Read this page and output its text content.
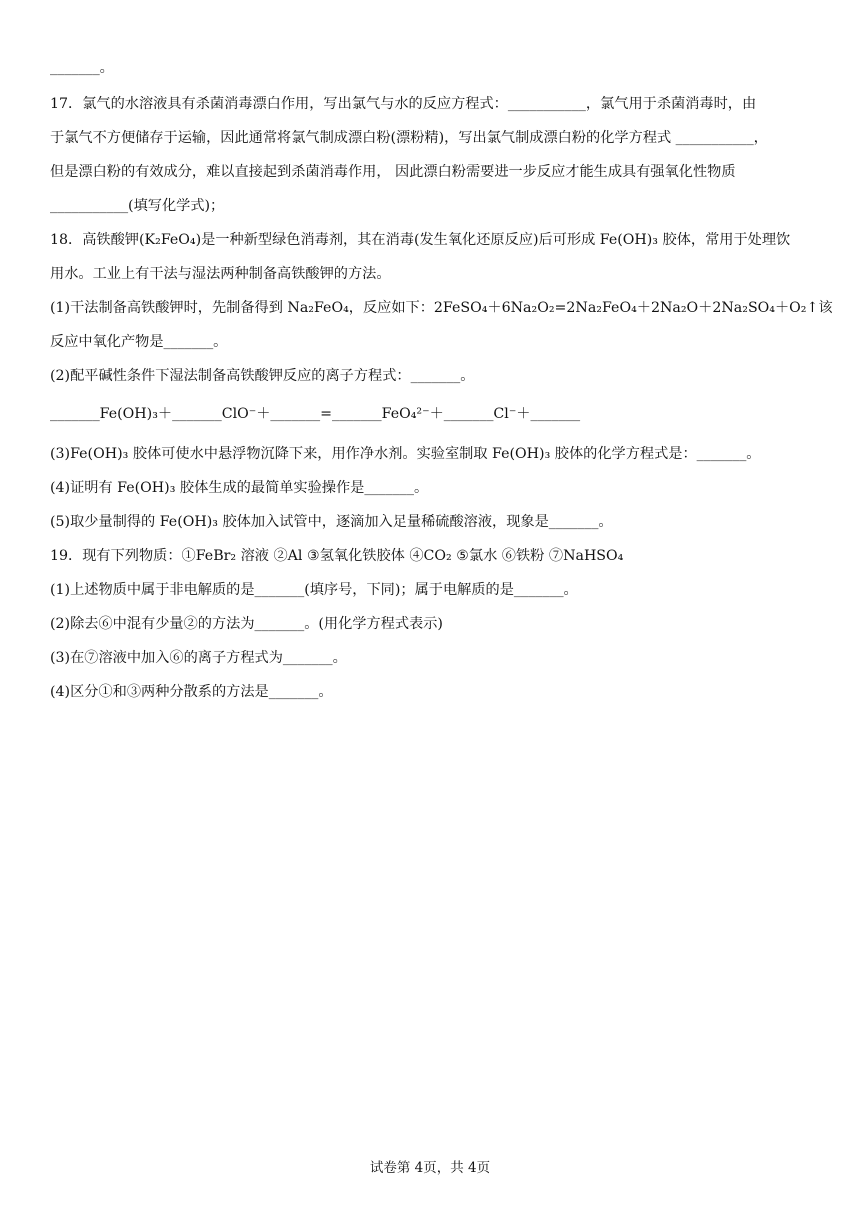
_______。
17．氯气的水溶液具有杀菌消毒漂白作用，写出氯气与水的反应方程式：___________，氯气用于杀菌消毒时，由
于氯气不方便储存于运输，因此通常将氯气制成漂白粉(漂粉精)，写出氯气制成漂白粉的化学方程式 ___________，
但是漂白粉的有效成分，难以直接起到杀菌消毒作用， 因此漂白粉需要进一步反应才能生成具有强氧化性物质
___________(填写化学式)；
18．高铁酸钾(K₂FeO₄)是一种新型绿色消毒剂，其在消毒(发生氧化还原反应)后可形成 Fe(OH)₃ 胶体，常用于处理饮
用水。工业上有干法与湿法两种制备高铁酸钾的方法。
(1)干法制备高铁酸钾时，先制备得到 Na₂FeO₄，反应如下：2FeSO₄＋6Na₂O₂=2Na₂FeO₄＋2Na₂O＋2Na₂SO₄＋O₂↑该
反应中氧化产物是_______。
(2)配平碱性条件下湿法制备高铁酸钾反应的离子方程式：_______。
_______Fe(OH)₃＋_______ClO⁻＋_______=_______FeO₄²⁻＋_______Cl⁻＋_______
(3)Fe(OH)₃ 胶体可使水中悬浮物沉降下来，用作净水剂。实验室制取 Fe(OH)₃ 胶体的化学方程式是：_______。
(4)证明有 Fe(OH)₃ 胶体生成的最简单实验操作是_______。
(5)取少量制得的 Fe(OH)₃ 胶体加入试管中，逐滴加入足量稀硫酸溶液，现象是_______。
19．现有下列物质：①FeBr₂ 溶液 ②Al ③氢氧化铁胶体 ④CO₂ ⑤氯水 ⑥铁粉 ⑦NaHSO₄
(1)上述物质中属于非电解质的是_______(填序号，下同)；属于电解质的是_______。
(2)除去⑥中混有少量②的方法为_______。(用化学方程式表示)
(3)在⑦溶液中加入⑥的离子方程式为_______。
(4)区分①和③两种分散系的方法是_______。
试卷第 4页，共 4页
